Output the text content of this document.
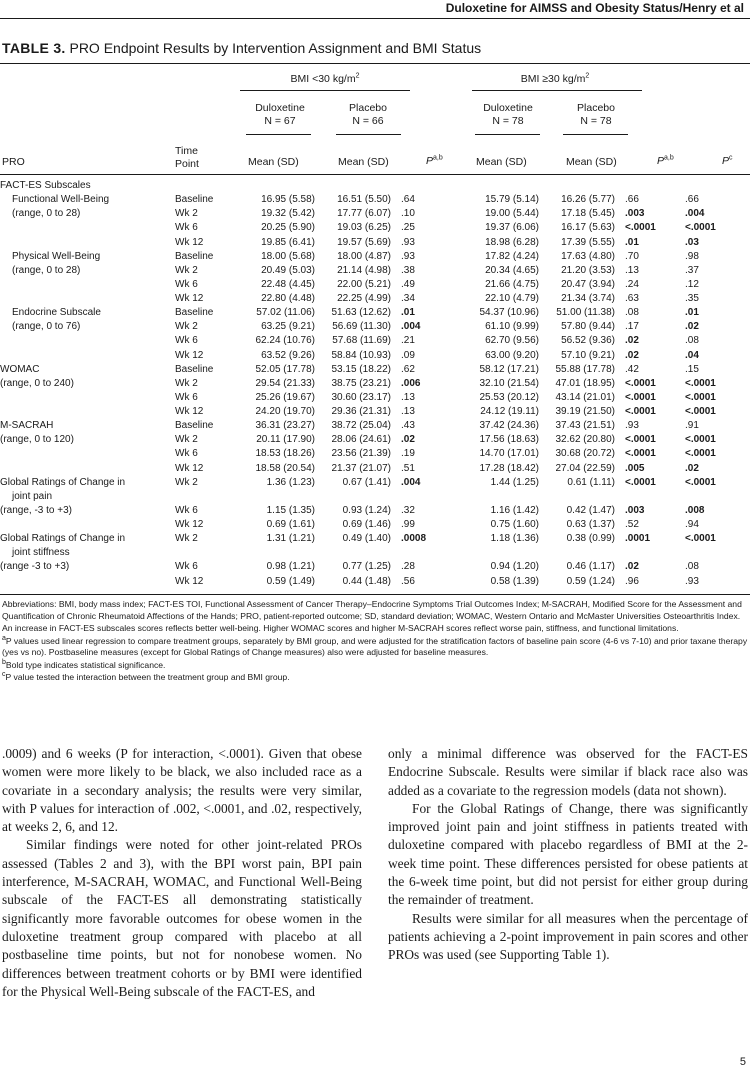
Duloxetine for AIMSS and Obesity Status/Henry et al
TABLE 3. PRO Endpoint Results by Intervention Assignment and BMI Status
BMI <30 $kg/m^2$	BMI ≥30 $kg/m^2$
Duloxetine
N = 67
Placebo
N = 66
Duloxetine
N = 78
Placebo
N = 78
PRO
Time
Point	Mean (SD)	Mean (SD)	P$^{a,b}$	Mean (SD)	Mean (SD)	P$^{a,b}$	$P^c$
FACT-ES Subscales								
Functional Well-Being	Baseline	16.95 (5.58)	16.51 (5.50)	.64	15.79 (5.14)	16.26 (5.77)	.66	.66
(range, 0 to 28)	Wk 2	19.32 (5.42)	17.77 (6.07)	.10	19.00 (5.44)	17.18 (5.45)	.003	.004
	Wk 6	20.25 (5.90)	19.03 (6.25)	.25	19.37 (6.06)	16.17 (5.63)	<.0001	<.0001
	Wk 12	19.85 (6.41)	19.57 (5.69)	.93	18.98 (6.28)	17.39 (5.55)	.01	.03
Physical Well-Being	Baseline	18.00 (5.68)	18.00 (4.87)	.93	17.82 (4.24)	17.63 (4.80)	.70	.98
(range, 0 to 28)	Wk 2	20.49 (5.03)	21.14 (4.98)	.38	20.34 (4.65)	21.20 (3.53)	.13	.37
	Wk 6	22.48 (4.45)	22.00 (5.21)	.49	21.66 (4.75)	20.47 (3.94)	.24	.12
	Wk 12	22.80 (4.48)	22.25 (4.99)	.34	22.10 (4.79)	21.34 (3.74)	.63	.35
Endocrine Subscale	Baseline	57.02 (11.06)	51.63 (12.62)	.01	54.37 (10.96)	51.00 (11.38)	.08	.01
(range, 0 to 76)	Wk 2	63.25 (9.21)	56.69 (11.30)	.004	61.10 (9.99)	57.80 (9.44)	.17	.02
	Wk 6	62.24 (10.76)	57.68 (11.69)	.21	62.70 (9.56)	56.52 (9.36)	.02	.08
	Wk 12	63.52 (9.26)	58.84 (10.93)	.09	63.00 (9.20)	57.10 (9.21)	.02	.04
WOMAC	Baseline	52.05 (17.78)	53.15 (18.22)	.62	58.12 (17.21)	55.88 (17.78)	.42	.15
(range, 0 to 240)	Wk 2	29.54 (21.33)	38.75 (23.21)	.006	32.10 (21.54)	47.01 (18.95)	<.0001	<.0001
	Wk 6	25.26 (19.67)	30.60 (23.17)	.13	25.53 (20.12)	43.14 (21.01)	<.0001	<.0001
	Wk 12	24.20 (19.70)	29.36 (21.31)	.13	24.12 (19.11)	39.19 (21.50)	<.0001	<.0001
M-SACRAH	Baseline	36.31 (23.27)	38.72 (25.04)	.43	37.42 (24.36)	37.43 (21.51)	.93	.91
(range, 0 to 120)	Wk 2	20.11 (17.90)	28.06 (24.61)	.02	17.56 (18.63)	32.62 (20.80)	<.0001	<.0001
	Wk 6	18.53 (18.26)	23.56 (21.39)	.19	14.70 (17.01)	30.68 (20.72)	<.0001	<.0001
	Wk 12	18.58 (20.54)	21.37 (21.07)	.51	17.28 (18.42)	27.04 (22.59)	.005	.02
Global Ratings of Change in	Wk 2	1.36 (1.23)	0.67 (1.41)	.004	1.44 (1.25)	0.61 (1.11)	<.0001	<.0001
joint pain								
(range, -3 to +3)	Wk 6	1.15 (1.35)	0.93 (1.24)	.32	1.16 (1.42)	0.42 (1.47)	.003	.008
	Wk 12	0.69 (1.61)	0.69 (1.46)	.99	0.75 (1.60)	0.63 (1.37)	.52	.94
Global Ratings of Change in	Wk 2	1.31 (1.21)	0.49 (1.40)	.0008	1.18 (1.36)	0.38 (0.99)	.0001	<.0001
joint stiffness								
(range -3 to +3)	Wk 6	0.98 (1.21)	0.77 (1.25)	.28	0.94 (1.20)	0.46 (1.17)	.02	.08
	Wk 12	0.59 (1.49)	0.44 (1.48)	.56	0.58 (1.39)	0.59 (1.24)	.96	.93

Abbreviations: BMI, body mass index; FACT-ES TOI, Functional Assessment of Cancer Therapy–Endocrine Symptoms Trial Outcomes Index; M-SACRAH, Modified Score for the Assessment and Quantification of Chronic Rheumatoid Affections of the Hands; PRO, patient-reported outcome; SD, standard deviation; WOMAC, Western Ontario and McMaster Universities Osteoarthritis Index.

An increase in FACT-ES subscales scores reflects better well-being. Higher WOMAC scores and higher M-SACRAH scores reflect worse pain, stiffness, and functional limitations.

$^a$P values used linear regression to compare treatment groups, separately by BMI group, and were adjusted for the stratification factors of baseline pain score (4-6 vs 7-10) and prior taxane therapy (yes vs no). Postbaseline measures (except for Global Ratings of Change measures) also were adjusted for baseline measures.

$^b$Bold type indicates statistical significance.

$^c$P value tested the interaction between the treatment group and BMI group.

.0009) and 6 weeks (P for interaction, <.0001). Given that obese women were more likely to be black, we also included race as a covariate in a secondary analysis; the results were very similar, with P values for interaction of .002, <.0001, and .02, respectively, at weeks 2, 6, and 12.

Similar findings were noted for other joint-related PROs assessed (Tables 2 and 3), with the BPI worst pain, BPI pain interference, M-SACRAH, WOMAC, and Functional Well-Being subscale of the FACT-ES all demonstrating statistically significantly more favorable outcomes for obese women in the duloxetine treatment group compared with placebo at all postbaseline time points, but not for nonobese women. No differences between treatment cohorts or by BMI were identified for the Physical Well-Being subscale of the FACT-ES, and

only a minimal difference was observed for the FACT-ES Endocrine Subscale. Results were similar if black race also was added as a covariate to the regression models (data not shown).

For the Global Ratings of Change, there was significantly improved joint pain and joint stiffness in patients treated with duloxetine compared with placebo regardless of BMI at the 2-week time point. These differences persisted for obese patients at the 6-week time point, but did not persist for either group during the remainder of treatment.

Results were similar for all measures when the percentage of patients achieving a 2-point improvement in pain scores and other PROs was used (see Supporting Table 1).

5
